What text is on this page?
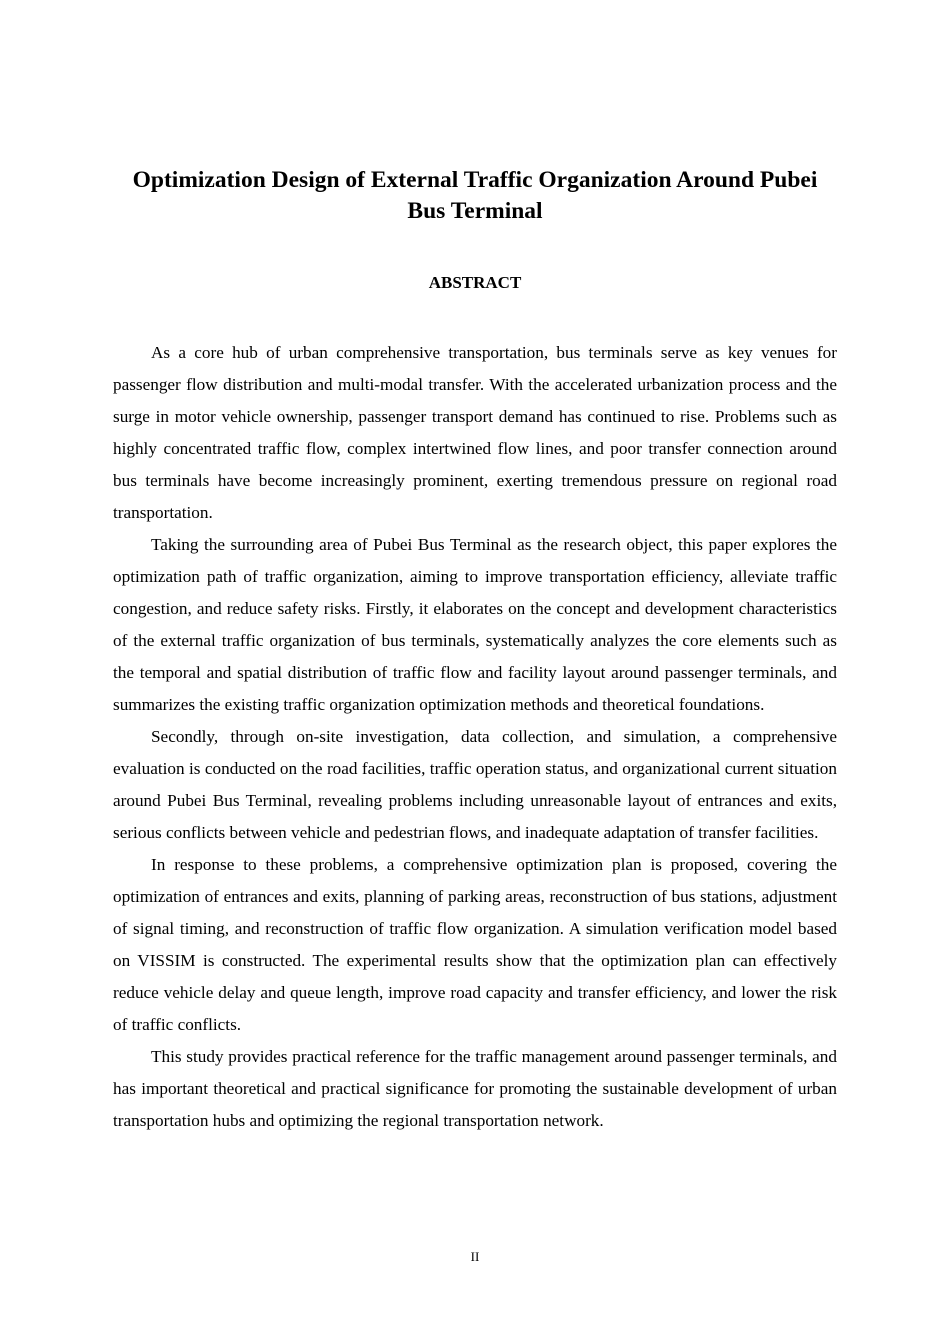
Optimization Design of External Traffic Organization Around Pubei Bus Terminal
ABSTRACT

As a core hub of urban comprehensive transportation, bus terminals serve as key venues for passenger flow distribution and multi-modal transfer. With the accelerated urbanization process and the surge in motor vehicle ownership, passenger transport demand has continued to rise. Problems such as highly concentrated traffic flow, complex intertwined flow lines, and poor transfer connection around bus terminals have become increasingly prominent, exerting tremendous pressure on regional road transportation.

Taking the surrounding area of Pubei Bus Terminal as the research object, this paper explores the optimization path of traffic organization, aiming to improve transportation efficiency, alleviate traffic congestion, and reduce safety risks. Firstly, it elaborates on the concept and development characteristics of the external traffic organization of bus terminals, systematically analyzes the core elements such as the temporal and spatial distribution of traffic flow and facility layout around passenger terminals, and summarizes the existing traffic organization optimization methods and theoretical foundations.

Secondly, through on-site investigation, data collection, and simulation, a comprehensive evaluation is conducted on the road facilities, traffic operation status, and organizational current situation around Pubei Bus Terminal, revealing problems including unreasonable layout of entrances and exits, serious conflicts between vehicle and pedestrian flows, and inadequate adaptation of transfer facilities.

In response to these problems, a comprehensive optimization plan is proposed, covering the optimization of entrances and exits, planning of parking areas, reconstruction of bus stations, adjustment of signal timing, and reconstruction of traffic flow organization. A simulation verification model based on VISSIM is constructed. The experimental results show that the optimization plan can effectively reduce vehicle delay and queue length, improve road capacity and transfer efficiency, and lower the risk of traffic conflicts.

This study provides practical reference for the traffic management around passenger terminals, and has important theoretical and practical significance for promoting the sustainable development of urban transportation hubs and optimizing the regional transportation network.

II
